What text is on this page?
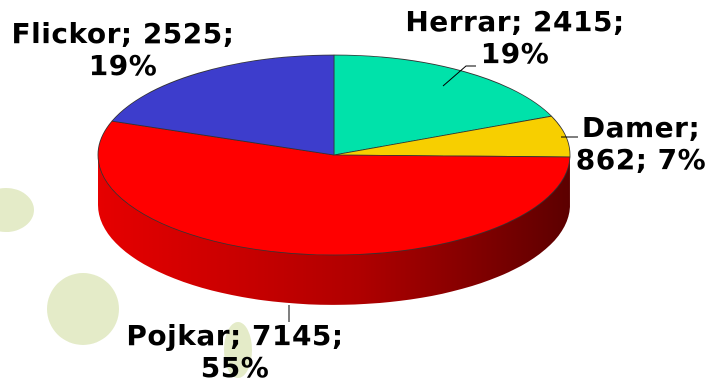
Herrar; 2415;
19%
Damer;
862; 7%
Pojkar; 7145;
55%
Flickor; 2525;
19%
